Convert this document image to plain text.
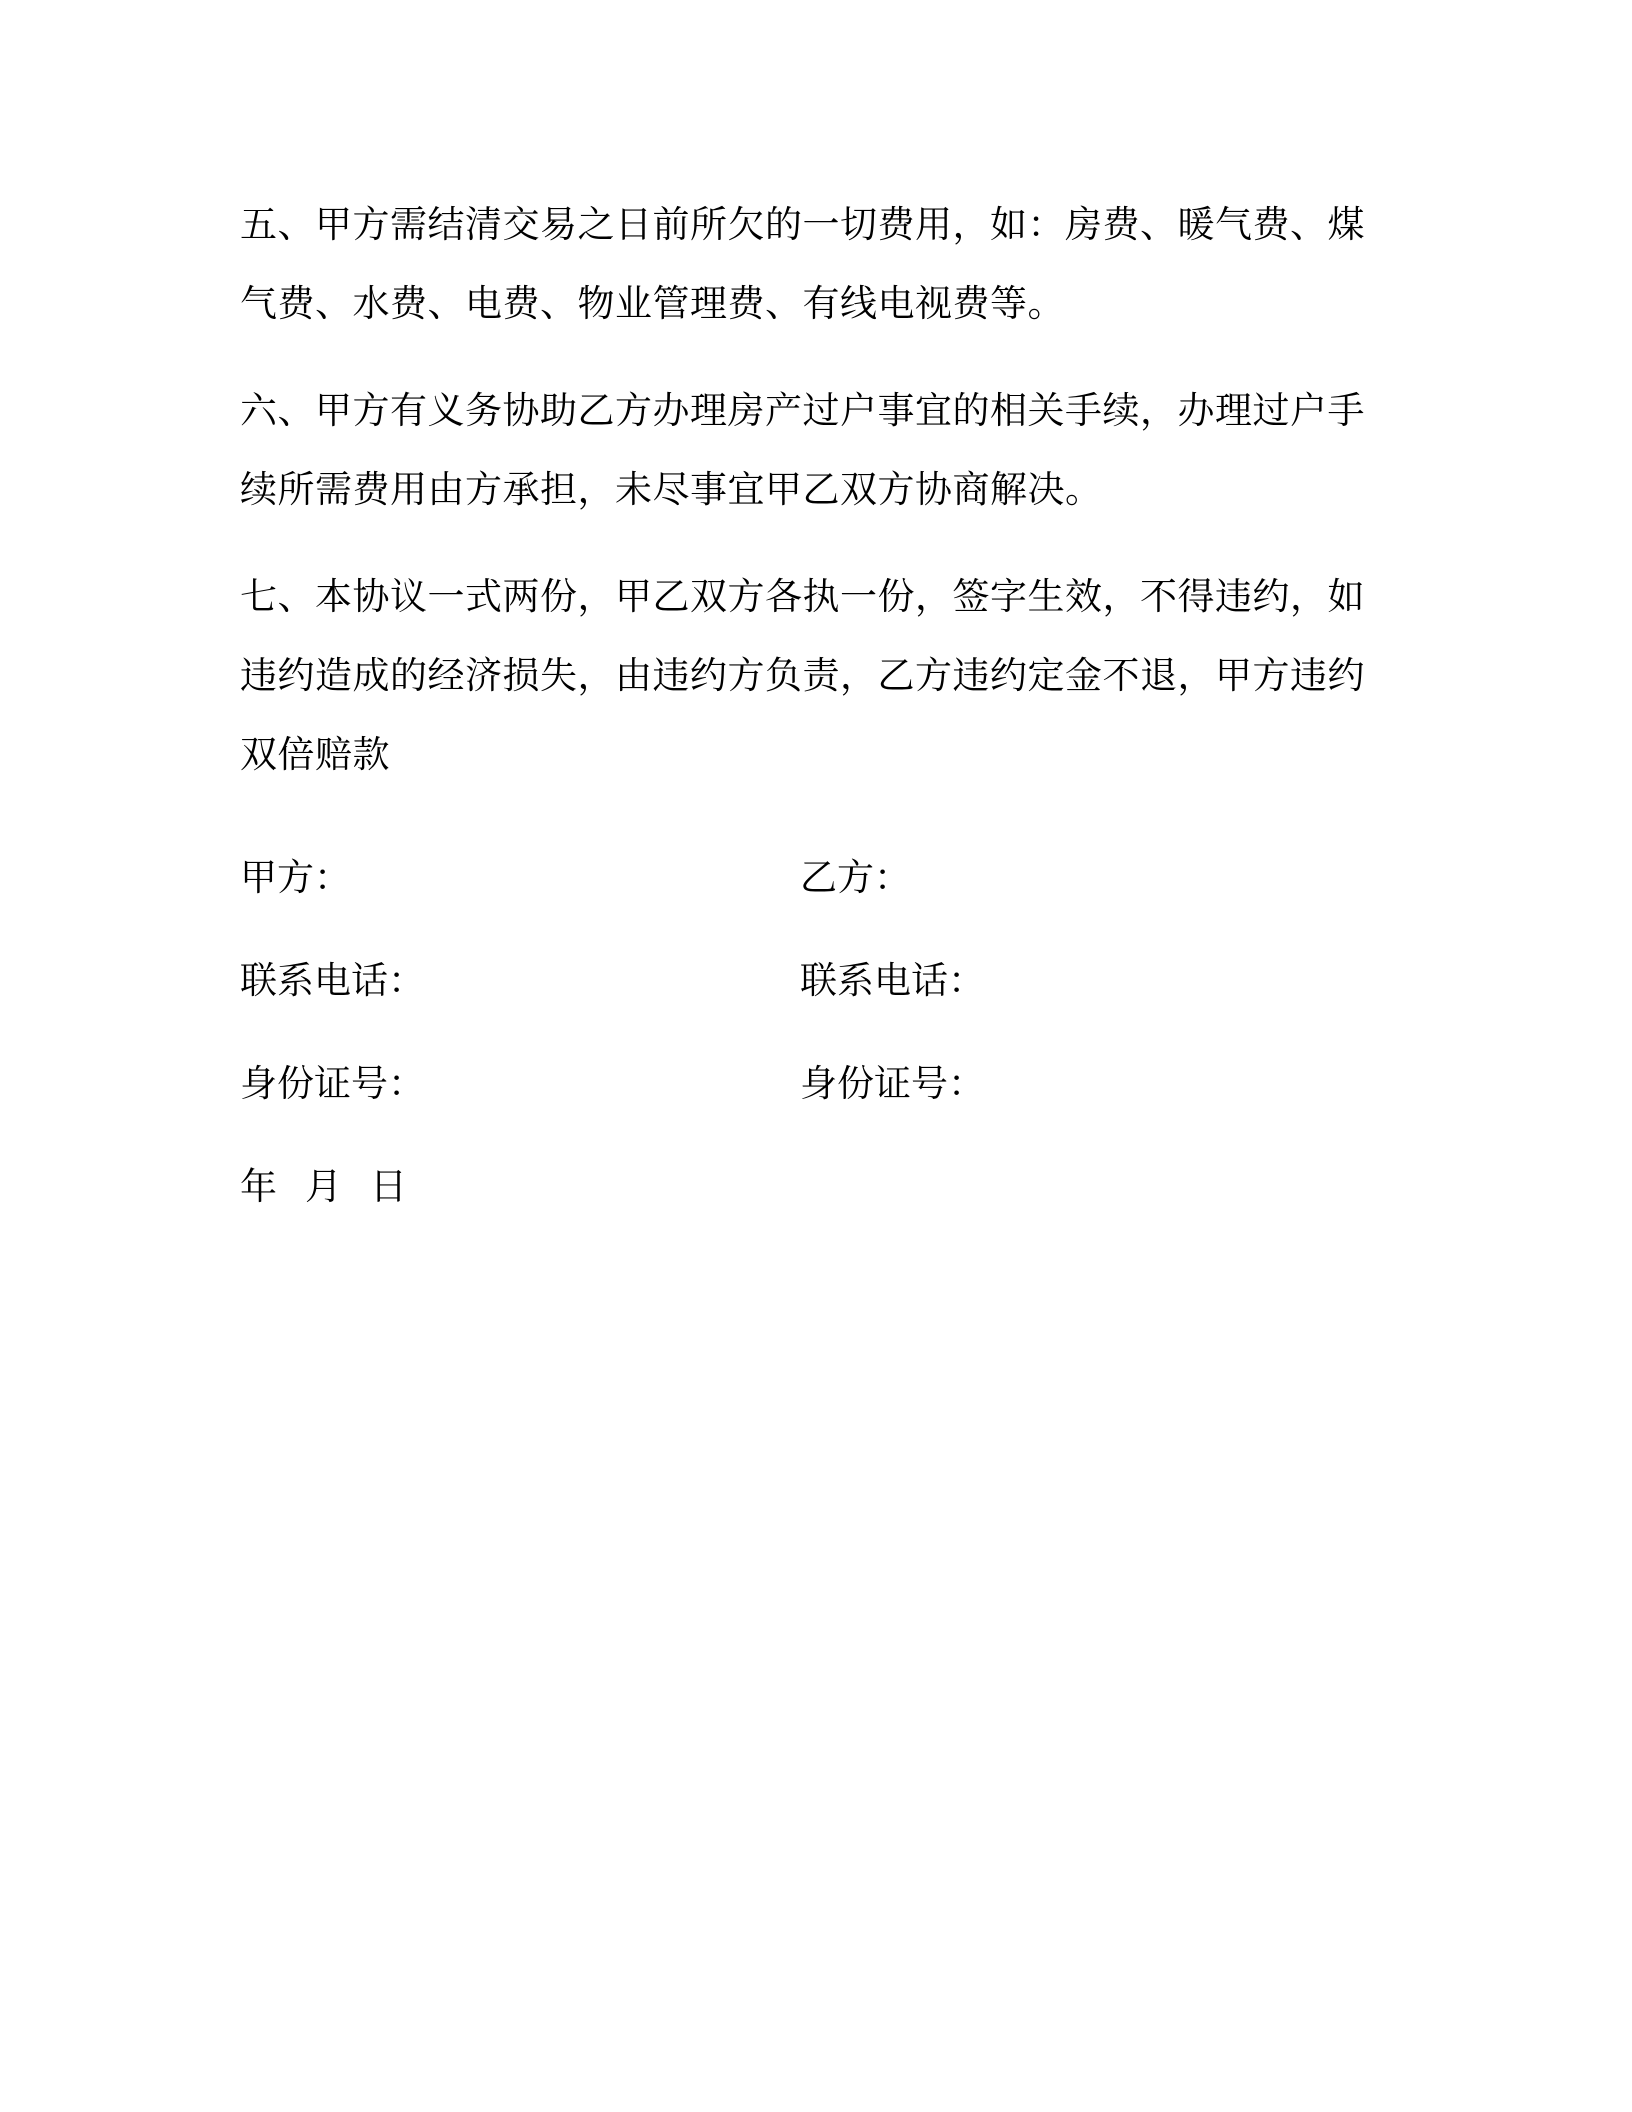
五、甲方需结清交易之日前所欠的一切费用，如：房费、暖气费、煤
气费、水费、电费、物业管理费、有线电视费等。
六、甲方有义务协助乙方办理房产过户事宜的相关手续，办理过户手
续所需费用由方承担，未尽事宜甲乙双方协商解决。
七、本协议一式两份，甲乙双方各执一份，签字生效，不得违约，如
违约造成的经济损失，由违约方负责，乙方违约定金不退，甲方违约
双倍赔款
甲方：	乙方：
联系电话：	联系电话：
身份证号：	身份证号：
年 月 日
